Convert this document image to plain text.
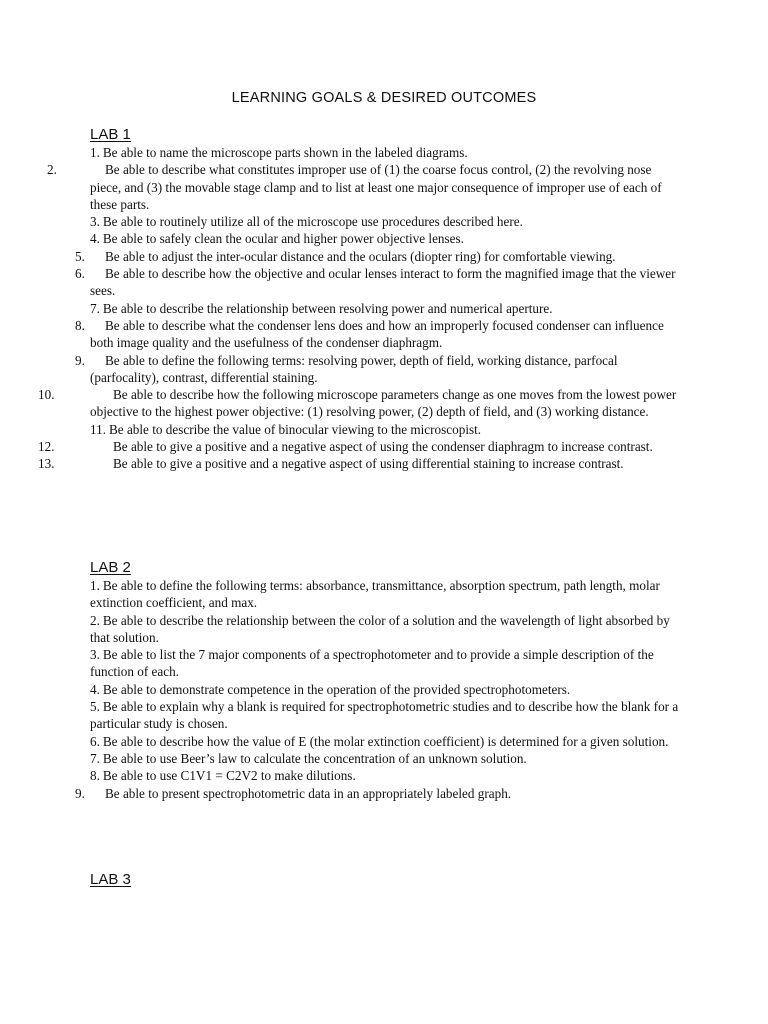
LEARNING GOALS & DESIRED OUTCOMES
LAB 1
1. Be able to name the microscope parts shown in the labeled diagrams.
2.	Be able to describe what constitutes improper use of (1) the coarse focus control, (2) the revolving nose piece, and (3) the movable stage clamp and to list at least one major consequence of improper use of each of these parts.
3. Be able to routinely utilize all of the microscope use procedures described here.
4. Be able to safely clean the ocular and higher power objective lenses.
5. Be able to adjust the inter-ocular distance and the oculars (diopter ring) for comfortable viewing.
6. Be able to describe how the objective and ocular lenses interact to form the magnified image that the viewer sees.
7. Be able to describe the relationship between resolving power and numerical aperture.
8. Be able to describe what the condenser lens does and how an improperly focused condenser can influence both image quality and the usefulness of the condenser diaphragm.
9. Be able to define the following terms: resolving power, depth of field, working distance, parfocal (parfocality), contrast, differential staining.
10.	Be able to describe how the following microscope parameters change as one moves from the lowest power objective to the highest power objective: (1) resolving power, (2) depth of field, and (3) working distance.
11. Be able to describe the value of binocular viewing to the microscopist.
12.	Be able to give a positive and a negative aspect of using the condenser diaphragm to increase contrast.
13.	Be able to give a positive and a negative aspect of using differential staining to increase contrast.
LAB 2
1. Be able to define the following terms: absorbance, transmittance, absorption spectrum, path length, molar extinction coefficient, and max.
2. Be able to describe the relationship between the color of a solution and the wavelength of light absorbed by that solution.
3. Be able to list the 7 major components of a spectrophotometer and to provide a simple description of the function of each.
4. Be able to demonstrate competence in the operation of the provided spectrophotometers.
5. Be able to explain why a blank is required for spectrophotometric studies and to describe how the blank for a particular study is chosen.
6. Be able to describe how the value of E (the molar extinction coefficient) is determined for a given solution.
7. Be able to use Beer’s law to calculate the concentration of an unknown solution.
8. Be able to use C1V1 = C2V2 to make dilutions.
9. Be able to present spectrophotometric data in an appropriately labeled graph.
LAB 3
